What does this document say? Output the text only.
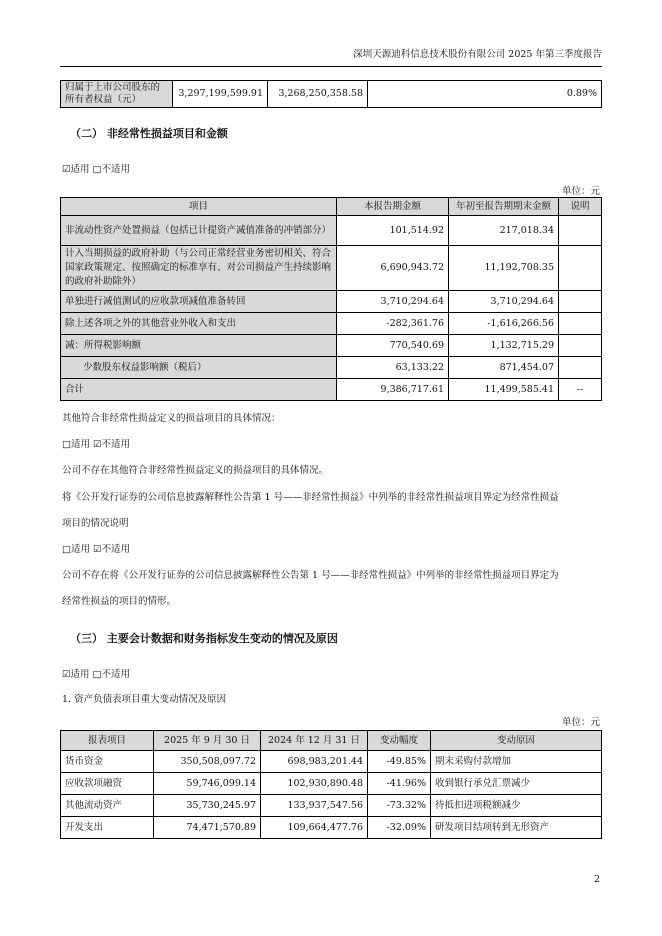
深圳天源迪科信息技术股份有限公司 2025 年第三季度报告
归属于上市公司股东的所有者权益（元）	3,297,199,599.91	3,268,250,358.58	0.89%
（二） 非经常性损益项目和金额
☑适用 □不适用
单位：元
项目	本报告期金额	年初至报告期期末金额	说明
非流动性资产处置损益（包括已计提资产减值准备的冲销部分）	101,514.92	217,018.34	
计入当期损益的政府补助（与公司正常经营业务密切相关、符合国家政策规定、按照确定的标准享有、对公司损益产生持续影响的政府补助除外）	6,690,943.72	11,192,708.35	
单独进行减值测试的应收款项减值准备转回	3,710,294.64	3,710,294.64	
除上述各项之外的其他营业外收入和支出	-282,361.76	-1,616,266.56	
减：所得税影响额	770,540.69	1,132,715.29	
少数股东权益影响额（税后）	63,133.22	871,454.07	
合计	9,386,717.61	11,499,585.41	--
其他符合非经常性损益定义的损益项目的具体情况：
□适用 ☑不适用
公司不存在其他符合非经常性损益定义的损益项目的具体情况。
将《公开发行证券的公司信息披露解释性公告第 1 号——非经常性损益》中列举的非经常性损益项目界定为经常性损益
项目的情况说明
□适用 ☑不适用
公司不存在将《公开发行证券的公司信息披露解释性公告第 1 号——非经常性损益》中列举的非经常性损益项目界定为
经常性损益的项目的情形。
（三） 主要会计数据和财务指标发生变动的情况及原因
☑适用 □不适用
1. 资产负债表项目重大变动情况及原因
单位：元
报表项目	2025 年 9 月 30 日	2024 年 12 月 31 日	变动幅度	变动原因
货币资金	350,508,097.72	698,983,201.44	-49.85%	期末采购付款增加
应收款项融资	59,746,099.14	102,930,890.48	-41.96%	收到银行承兑汇票减少
其他流动资产	35,730,245.97	133,937,547.56	-73.32%	待抵扣进项税额减少
开发支出	74,471,570.89	109,664,477.76	-32.09%	研发项目结项转到无形资产
2
